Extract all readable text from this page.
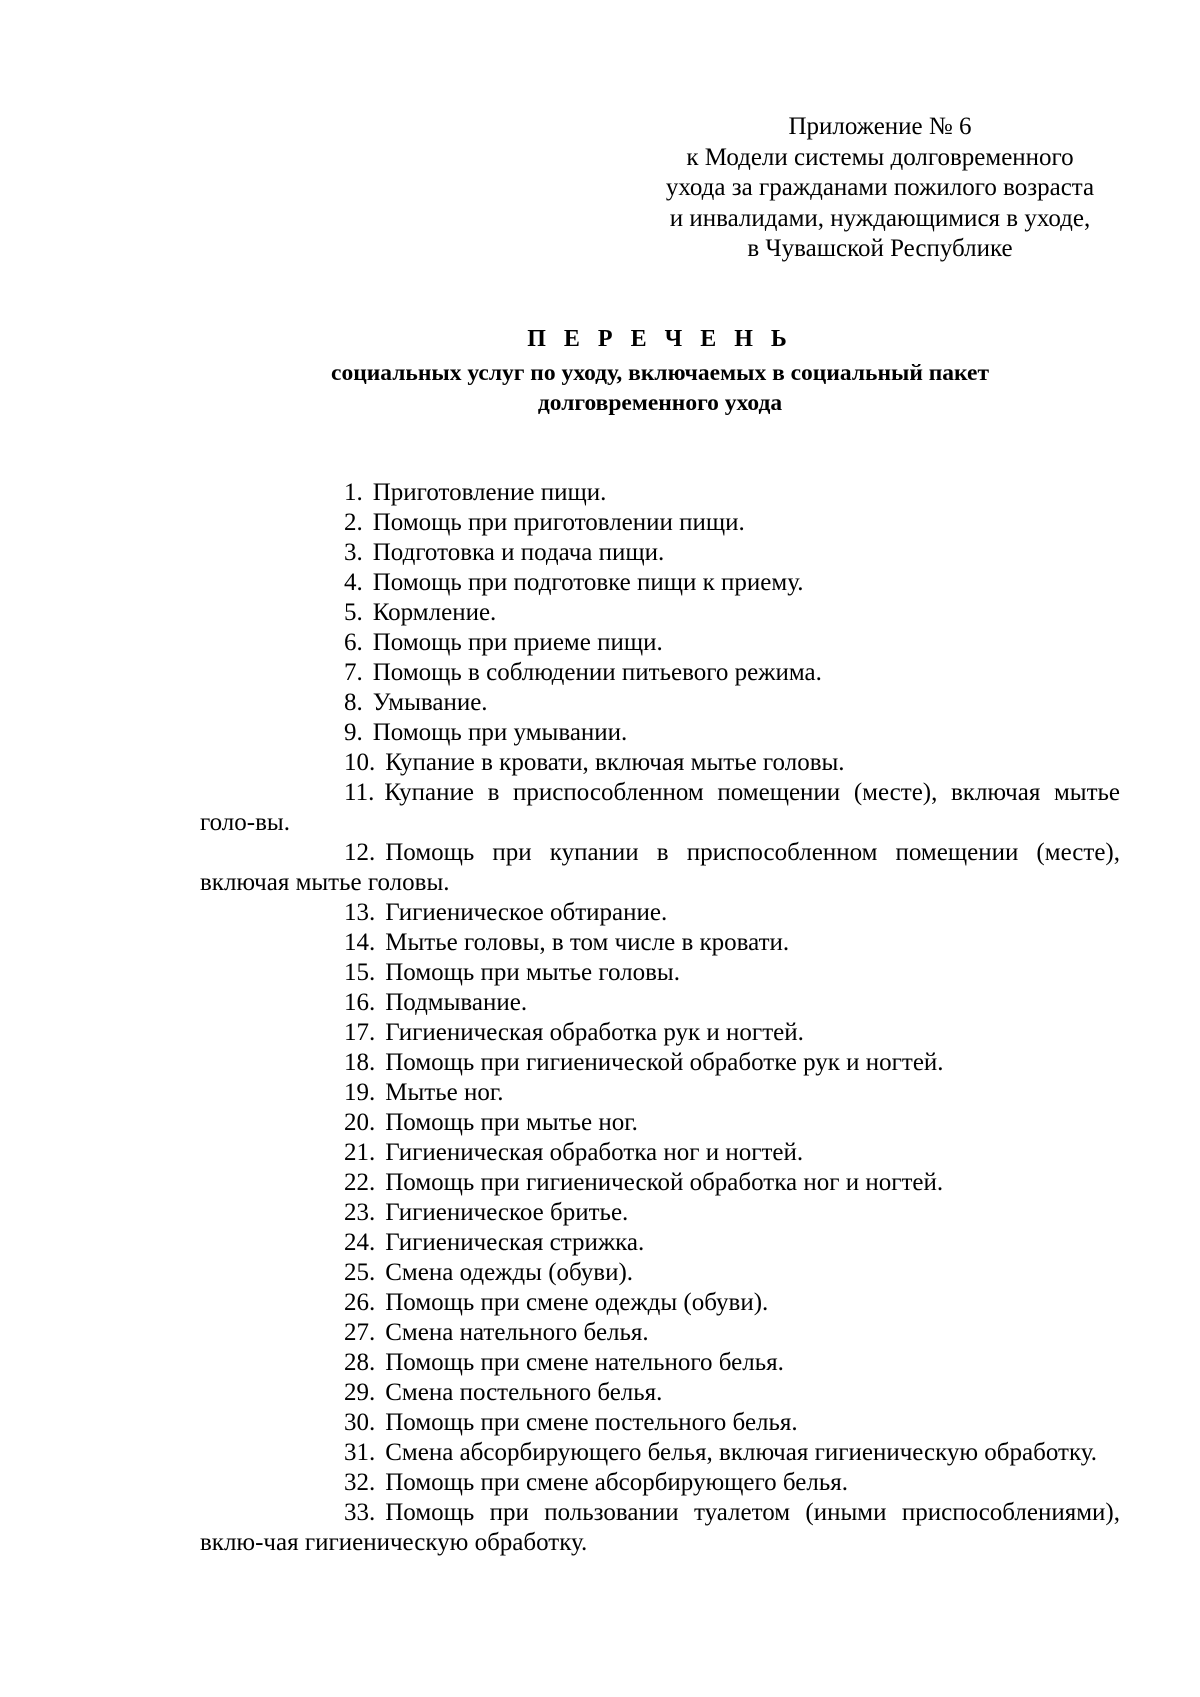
Приложение № 6
к Модели системы долговременного
ухода за гражданами пожилого возраста
и инвалидами, нуждающимися в уходе,
в Чувашской Республике
П Е Р Е Ч Е Н Ь
социальных услуг по уходу, включаемых в социальный пакет
долговременного ухода

1. Приготовление пищи.

2. Помощь при приготовлении пищи.

3. Подготовка и подача пищи.

4. Помощь при подготовке пищи к приему.

5. Кормление.

6. Помощь при приеме пищи.

7. Помощь в соблюдении питьевого режима.

8. Умывание.

9. Помощь при умывании.

10. Купание в кровати, включая мытье головы.

11. Купание в приспособленном помещении (месте), включая мытье голо-вы.

12. Помощь при купании в приспособленном помещении (месте), включая мытье головы.

13. Гигиеническое обтирание.

14. Мытье головы, в том числе в кровати.

15. Помощь при мытье головы.

16. Подмывание.

17. Гигиеническая обработка рук и ногтей.

18. Помощь при гигиенической обработке рук и ногтей.

19. Мытье ног.

20. Помощь при мытье ног.

21. Гигиеническая обработка ног и ногтей.

22. Помощь при гигиенической обработка ног и ногтей.

23. Гигиеническое бритье.

24. Гигиеническая стрижка.

25. Смена одежды (обуви).

26. Помощь при смене одежды (обуви).

27. Смена нательного белья.

28. Помощь при смене нательного белья.

29. Смена постельного белья.

30. Помощь при смене постельного белья.

31. Смена абсорбирующего белья, включая гигиеническую обработку.

32. Помощь при смене абсорбирующего белья.

33. Помощь при пользовании туалетом (иными приспособлениями), вклю-чая гигиеническую обработку.
